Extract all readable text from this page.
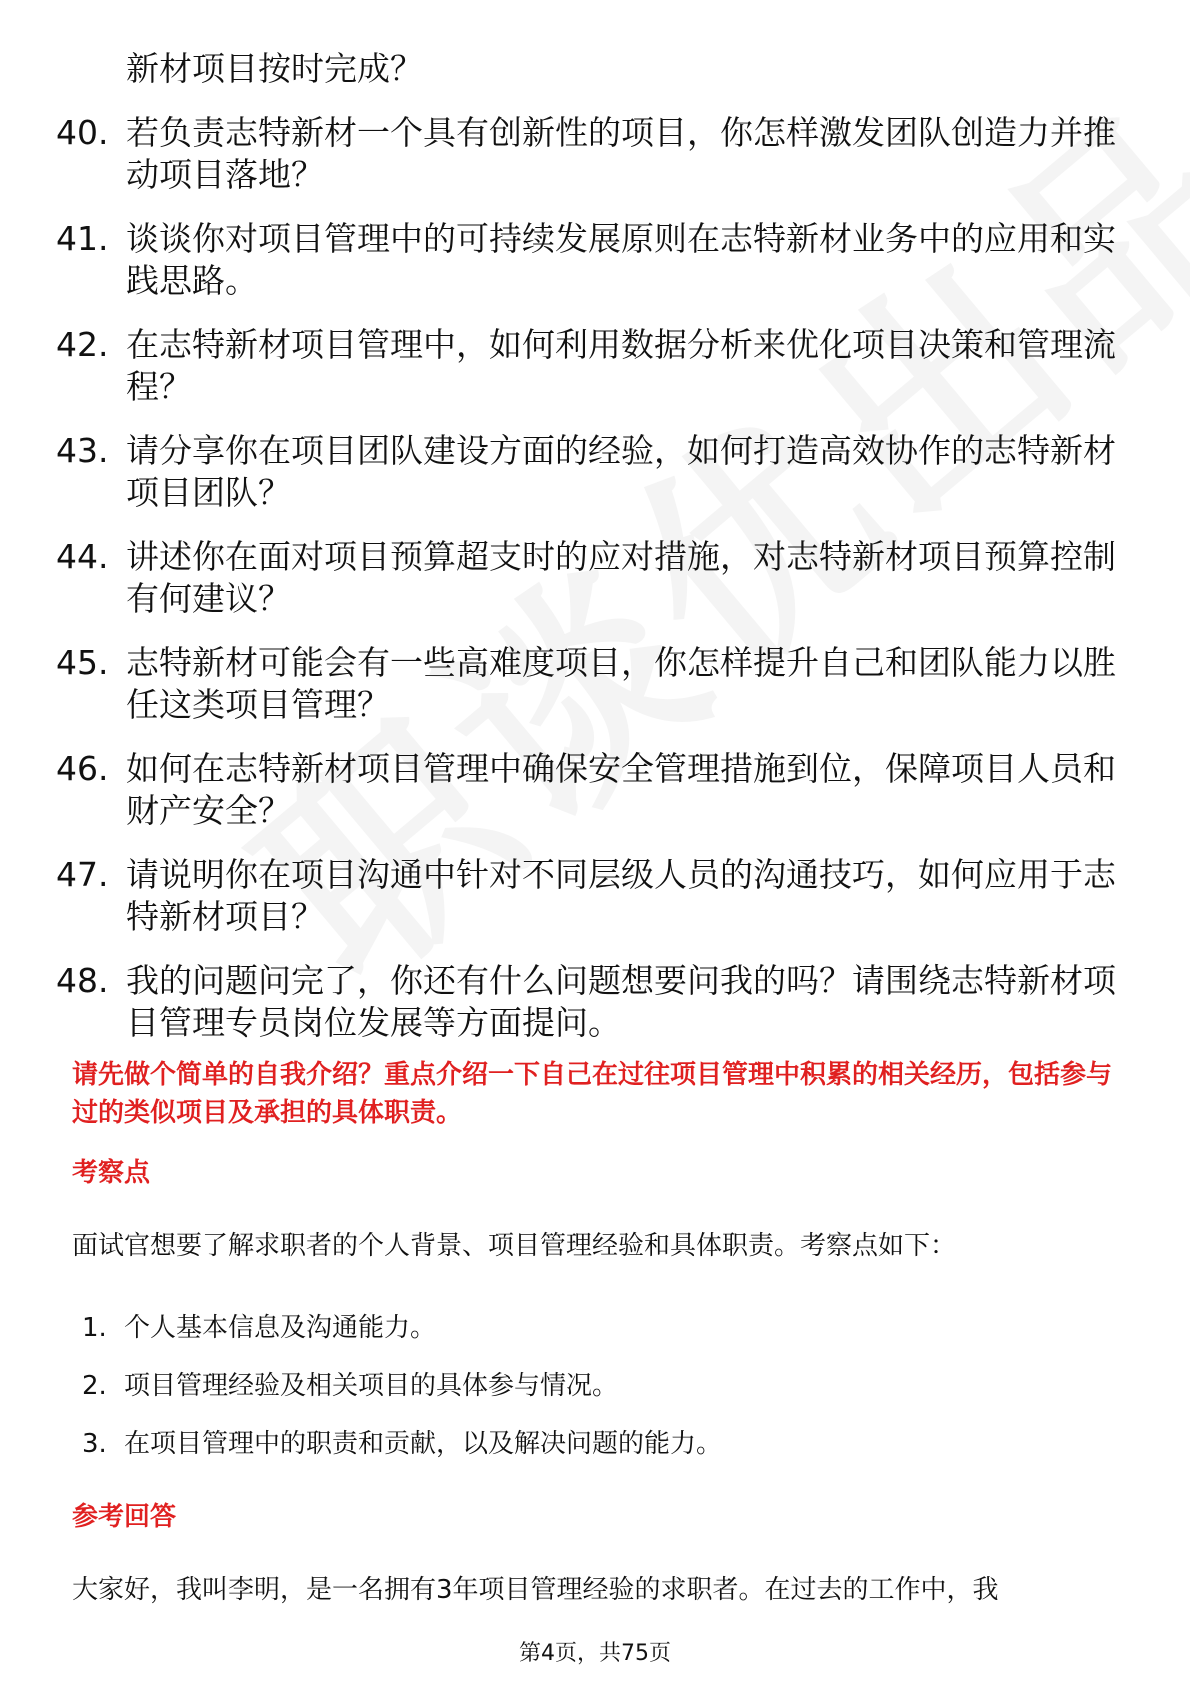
新材项目按时完成？
40. 若负责志特新材一个具有创新性的项目，你怎样激发团队创造力并推动项目落地？
41. 谈谈你对项目管理中的可持续发展原则在志特新材业务中的应用和实践思路。
42. 在志特新材项目管理中，如何利用数据分析来优化项目决策和管理流程？
43. 请分享你在项目团队建设方面的经验，如何打造高效协作的志特新材项目团队？
44. 讲述你在面对项目预算超支时的应对措施，对志特新材项目预算控制有何建议？
45. 志特新材可能会有一些高难度项目，你怎样提升自己和团队能力以胜任这类项目管理？
46. 如何在志特新材项目管理中确保安全管理措施到位，保障项目人员和财产安全？
47. 请说明你在项目沟通中针对不同层级人员的沟通技巧，如何应用于志特新材项目？
48. 我的问题问完了，你还有什么问题想要问我的吗？请围绕志特新材项目管理专员岗位发展等方面提问。
请先做个简单的自我介绍？重点介绍一下自己在过往项目管理中积累的相关经历，包括参与过的类似项目及承担的具体职责。
考察点
面试官想要了解求职者的个人背景、项目管理经验和具体职责。考察点如下：
1. 个人基本信息及沟通能力。
2. 项目管理经验及相关项目的具体参与情况。
3. 在项目管理中的职责和贡献，以及解决问题的能力。
参考回答
大家好，我叫李明，是一名拥有3年项目管理经验的求职者。在过去的工作中，我
第4页，共75页
